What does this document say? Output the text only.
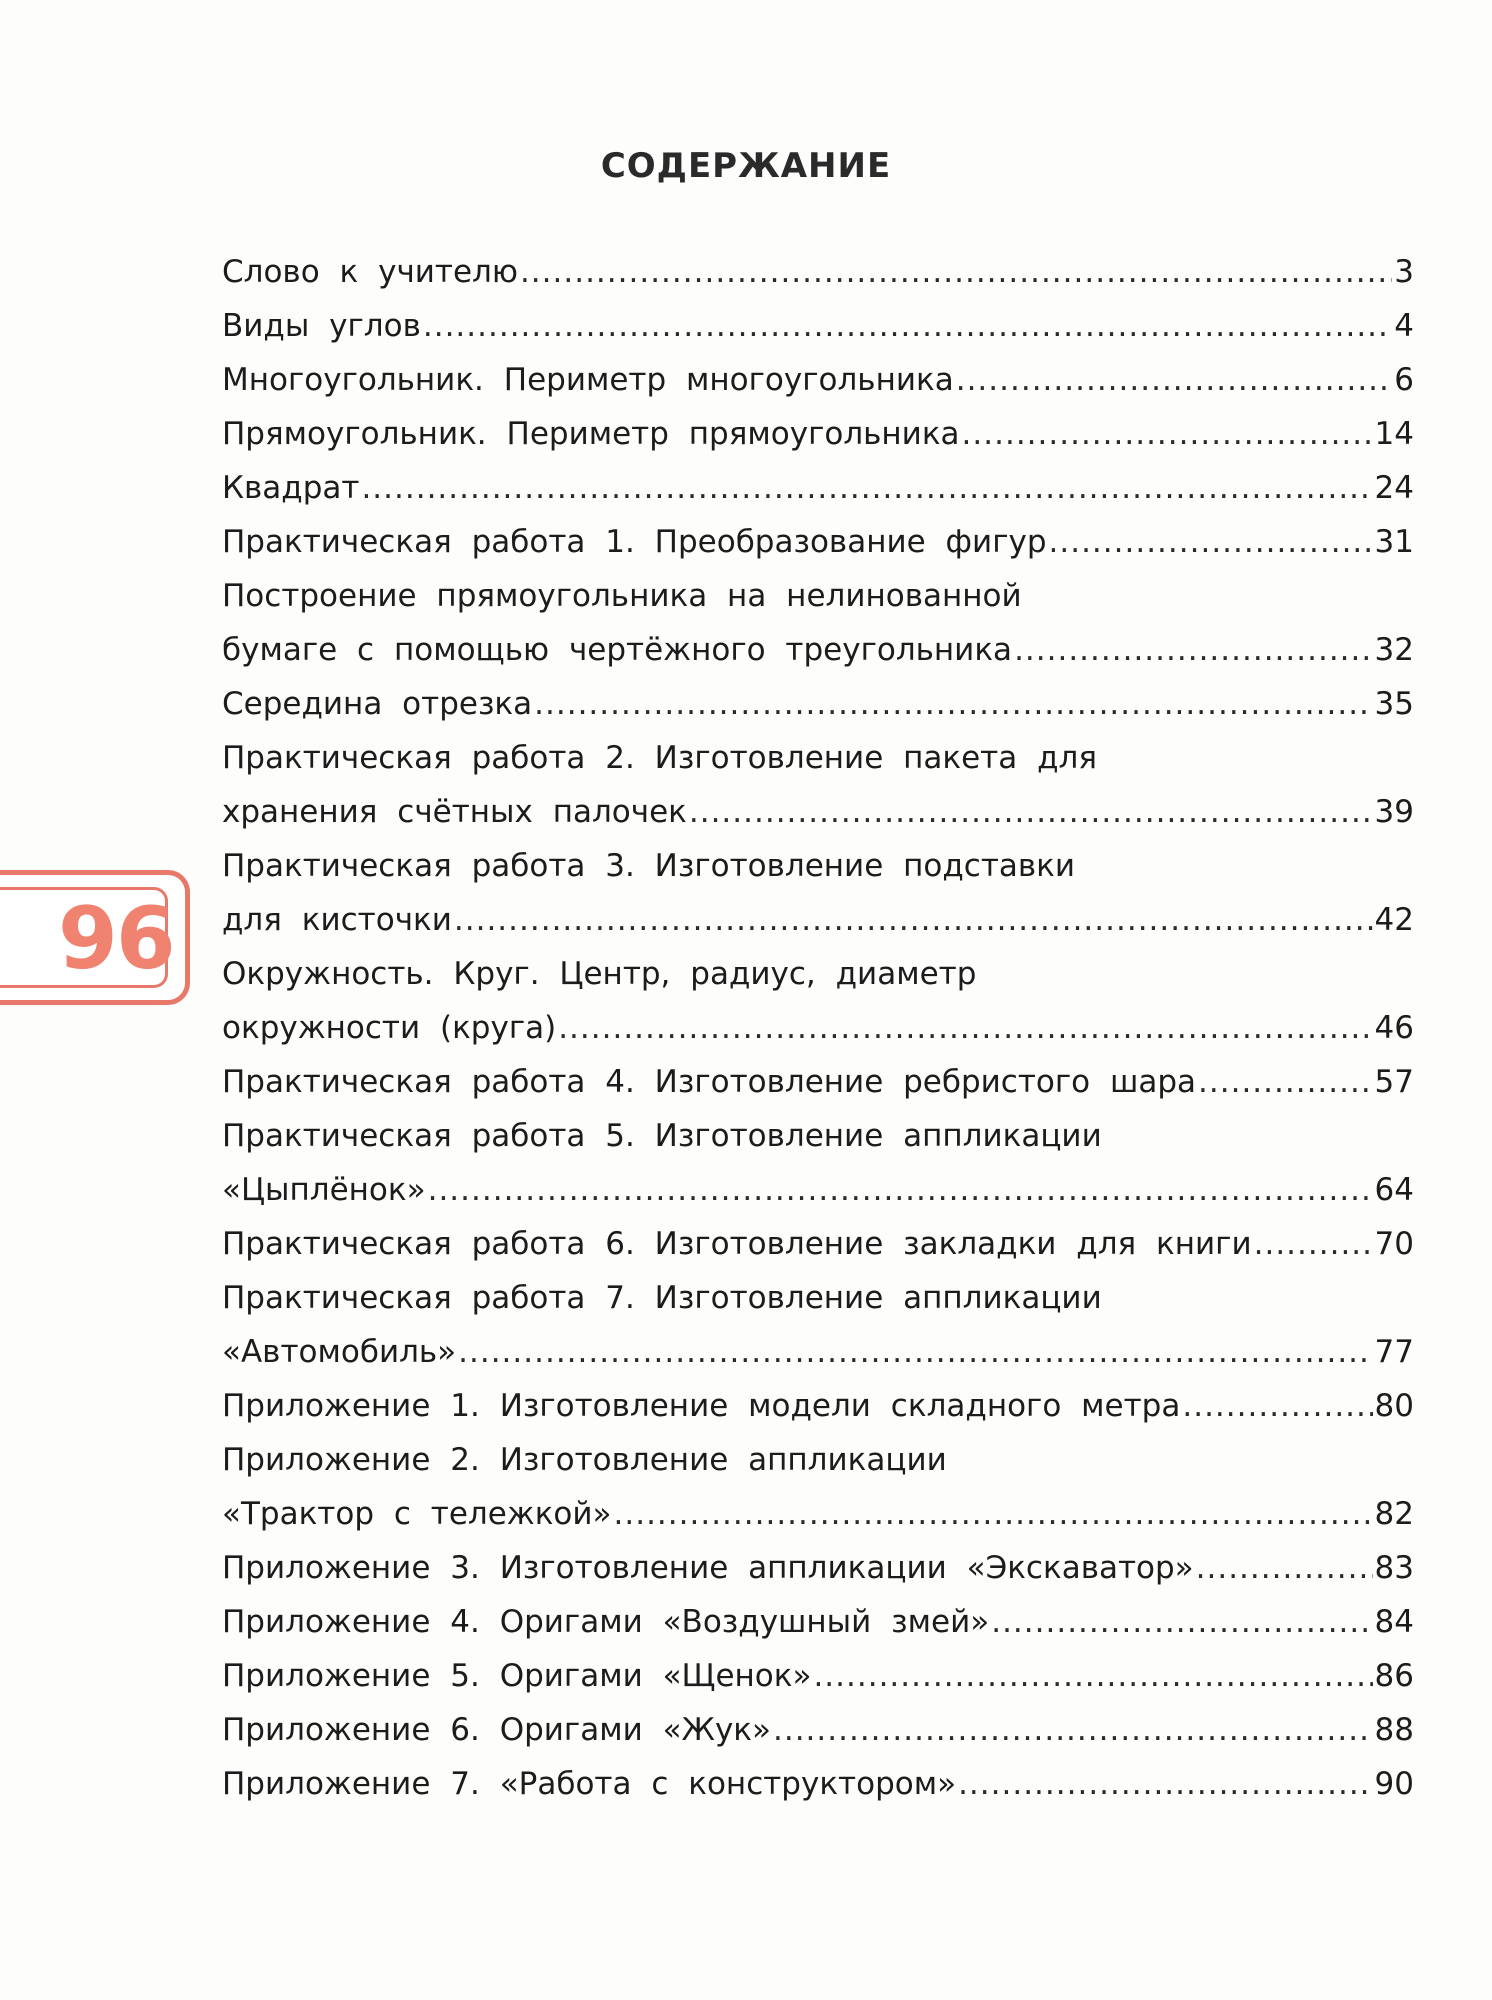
СОДЕРЖАНИЕ
Слово к учителю .....	3
Виды углов .....	4
Многоугольник. Периметр многоугольника .....	6
Прямоугольник. Периметр прямоугольника .....	14
Квадрат .....	24
Практическая работа 1. Преобразование фигур .....	31
Построение прямоугольника на нелинованной
бумаге с помощью чертёжного треугольника .....	32
Середина отрезка .....	35
Практическая работа 2. Изготовление пакета для
хранения счётных палочек .....	39
Практическая работа 3. Изготовление подставки
для кисточки .....	42
Окружность. Круг. Центр, радиус, диаметр
окружности (круга) .....	46
Практическая работа 4. Изготовление ребристого шара .....	57
Практическая работа 5. Изготовление аппликации
«Цыплёнок» .....	64
Практическая работа 6. Изготовление закладки для книги .....	70
Практическая работа 7. Изготовление аппликации
«Автомобиль» .....	77
Приложение 1. Изготовление модели складного метра .....	80
Приложение 2. Изготовление аппликации
«Трактор с тележкой» .....	82
Приложение 3. Изготовление аппликации «Экскаватор» .....	83
Приложение 4. Оригами «Воздушный змей» .....	84
Приложение 5. Оригами «Щенок» .....	86
Приложение 6. Оригами «Жук» .....	88
Приложение 7. «Работа с конструктором» .....	90
96
